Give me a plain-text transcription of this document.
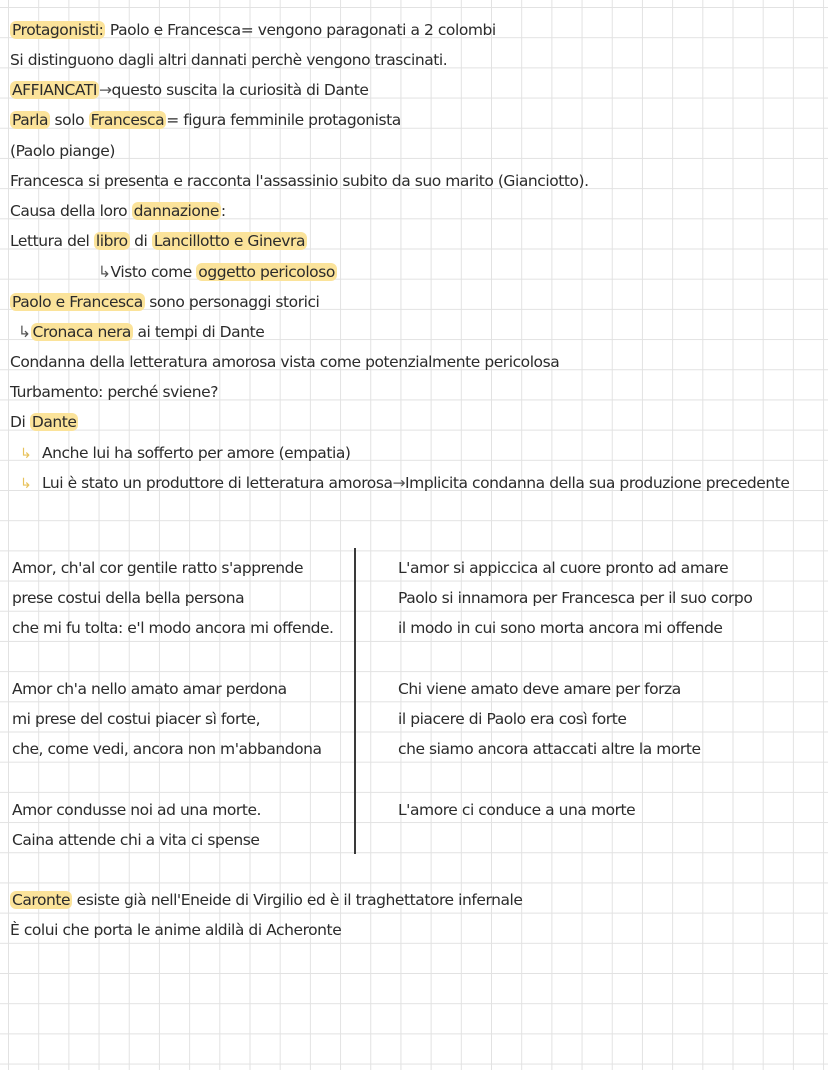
Protagonisti: Paolo e Francesca= vengono paragonati a 2 colombi
Si distinguono dagli altri dannati perchè vengono trascinati.
AFFIANCATI→questo suscita la curiosità di Dante
Parla solo Francesca = figura femminile protagonista
(Paolo piange)
Francesca si presenta e racconta l'assassinio subito da suo marito (Gianciotto).
Causa della loro dannazione :
Lettura del libro di Lancillotto e Ginevra
↳Visto come oggetto pericoloso
Paolo e Francesca sono personaggi storici
↳Cronaca nera ai tempi di Dante
Condanna della letteratura amorosa vista come potenzialmente pericolosa
Turbamento: perché sviene?
Di Dante
↳ Anche lui ha sofferto per amore (empatia)
↳ Lui è stato un produttore di letteratura amorosa→Implicita condanna della sua produzione precedente
Amor, ch'al cor gentile ratto s'apprende
prese costui della bella persona
che mi fu tolta: e'l modo ancora mi offende.
Amor ch'a nello amato amar perdona
mi prese del costui piacer sì forte,
che, come vedi, ancora non m'abbandona
Amor condusse noi ad una morte.
Caina attende chi a vita ci spense
L'amor si appiccica al cuore pronto ad amare
Paolo si innamora per Francesca per il suo corpo
il modo in cui sono morta ancora mi offende
Chi viene amato deve amare per forza
il piacere di Paolo era così forte
che siamo ancora attaccati altre la morte
L'amore ci conduce a una morte
Caronte esiste già nell'Eneide di Virgilio ed è il traghettatore infernale
È colui che porta le anime aldilà di Acheronte
